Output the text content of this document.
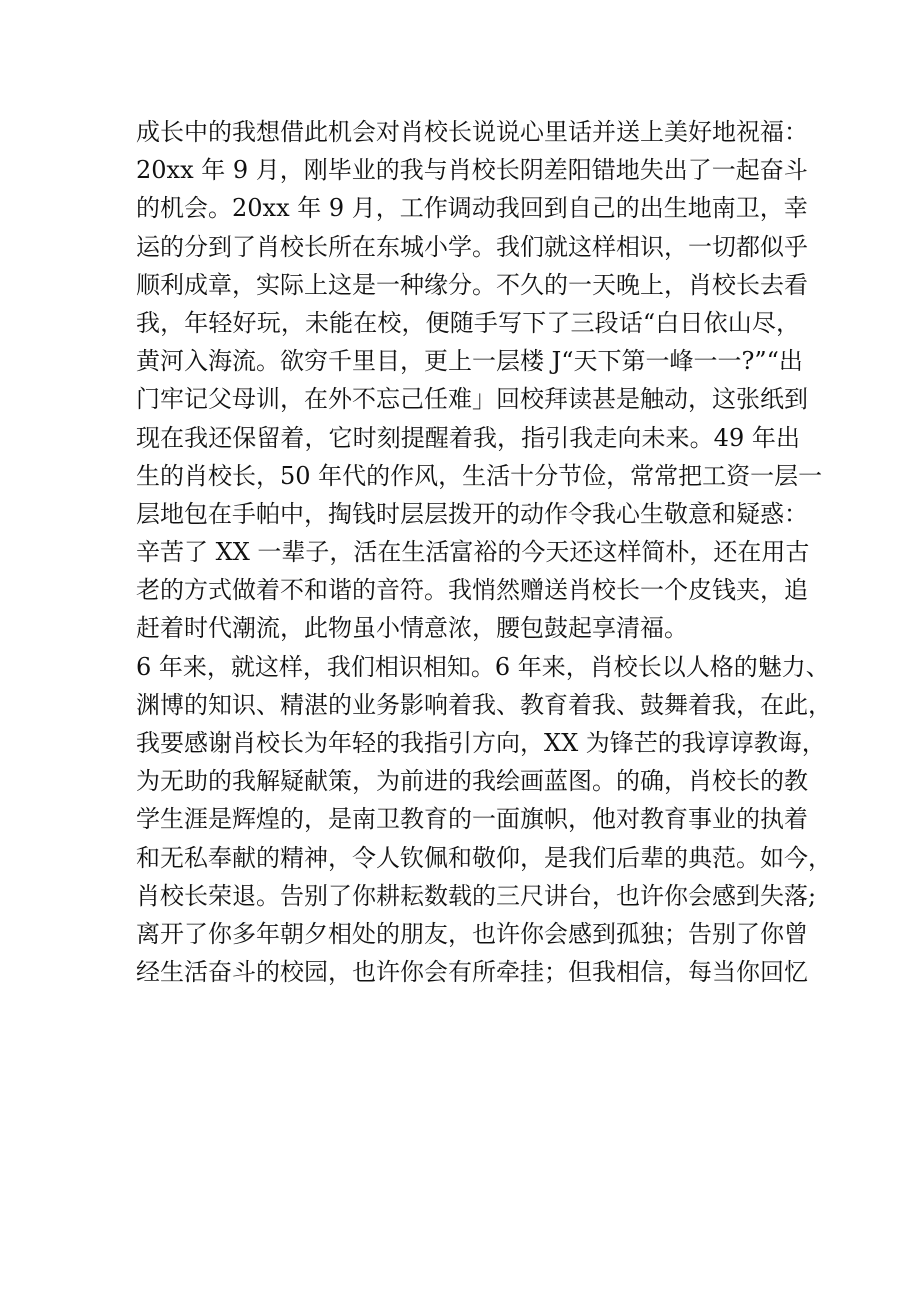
成长中的我想借此机会对肖校长说说心里话并送上美好地祝福：
20xx 年 9 月，刚毕业的我与肖校长阴差阳错地失出了一起奋斗
的机会。20xx 年 9 月，工作调动我回到自己的出生地南卫，幸
运的分到了肖校长所在东城小学。我们就这样相识，一切都似乎
顺利成章，实际上这是一种缘分。不久的一天晚上，肖校长去看
我，年轻好玩，未能在校，便随手写下了三段话“白日依山尽，
黄河入海流。欲穷千里目，更上一层楼 J“天下第一峰一一?”“出
门牢记父母训，在外不忘己任难」回校拜读甚是触动，这张纸到
现在我还保留着，它时刻提醒着我，指引我走向未来。49 年出
生的肖校长，50 年代的作风，生活十分节俭，常常把工资一层一
层地包在手帕中，掏钱时层层拨开的动作令我心生敬意和疑惑：
辛苦了 XX 一辈子，活在生活富裕的今天还这样简朴，还在用古
老的方式做着不和谐的音符。我悄然赠送肖校长一个皮钱夹，追
赶着时代潮流，此物虽小情意浓，腰包鼓起享清福。
6 年来，就这样，我们相识相知。6 年来，肖校长以人格的魅力、
渊博的知识、精湛的业务影响着我、教育着我、鼓舞着我，在此，
我要感谢肖校长为年轻的我指引方向，XX 为锋芒的我谆谆教诲，
为无助的我解疑献策，为前进的我绘画蓝图。的确，肖校长的教
学生涯是辉煌的，是南卫教育的一面旗帜，他对教育事业的执着
和无私奉献的精神，令人钦佩和敬仰，是我们后辈的典范。如今，
肖校长荣退。告别了你耕耘数载的三尺讲台，也许你会感到失落;
离开了你多年朝夕相处的朋友，也许你会感到孤独；告别了你曾
经生活奋斗的校园，也许你会有所牵挂；但我相信，每当你回忆
